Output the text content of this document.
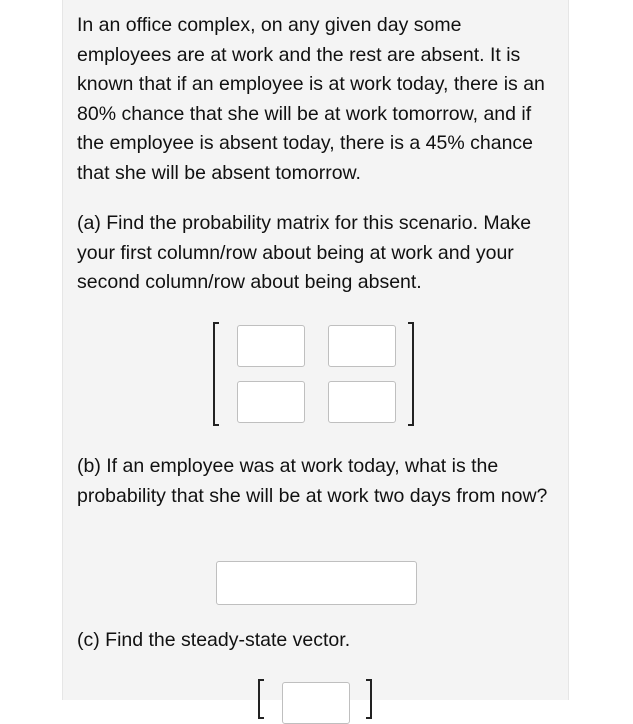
In an office complex, on any given day some employees are at work and the rest are absent. It is known that if an employee is at work today, there is an 80% chance that she will be at work tomorrow, and if the employee is absent today, there is a 45% chance that she will be absent tomorrow.

(a) Find the probability matrix for this scenario. Make your first column/row about being at work and your second column/row about being absent.

(b) If an employee was at work today, what is the probability that she will be at work two days from now?

(c) Find the steady-state vector.
